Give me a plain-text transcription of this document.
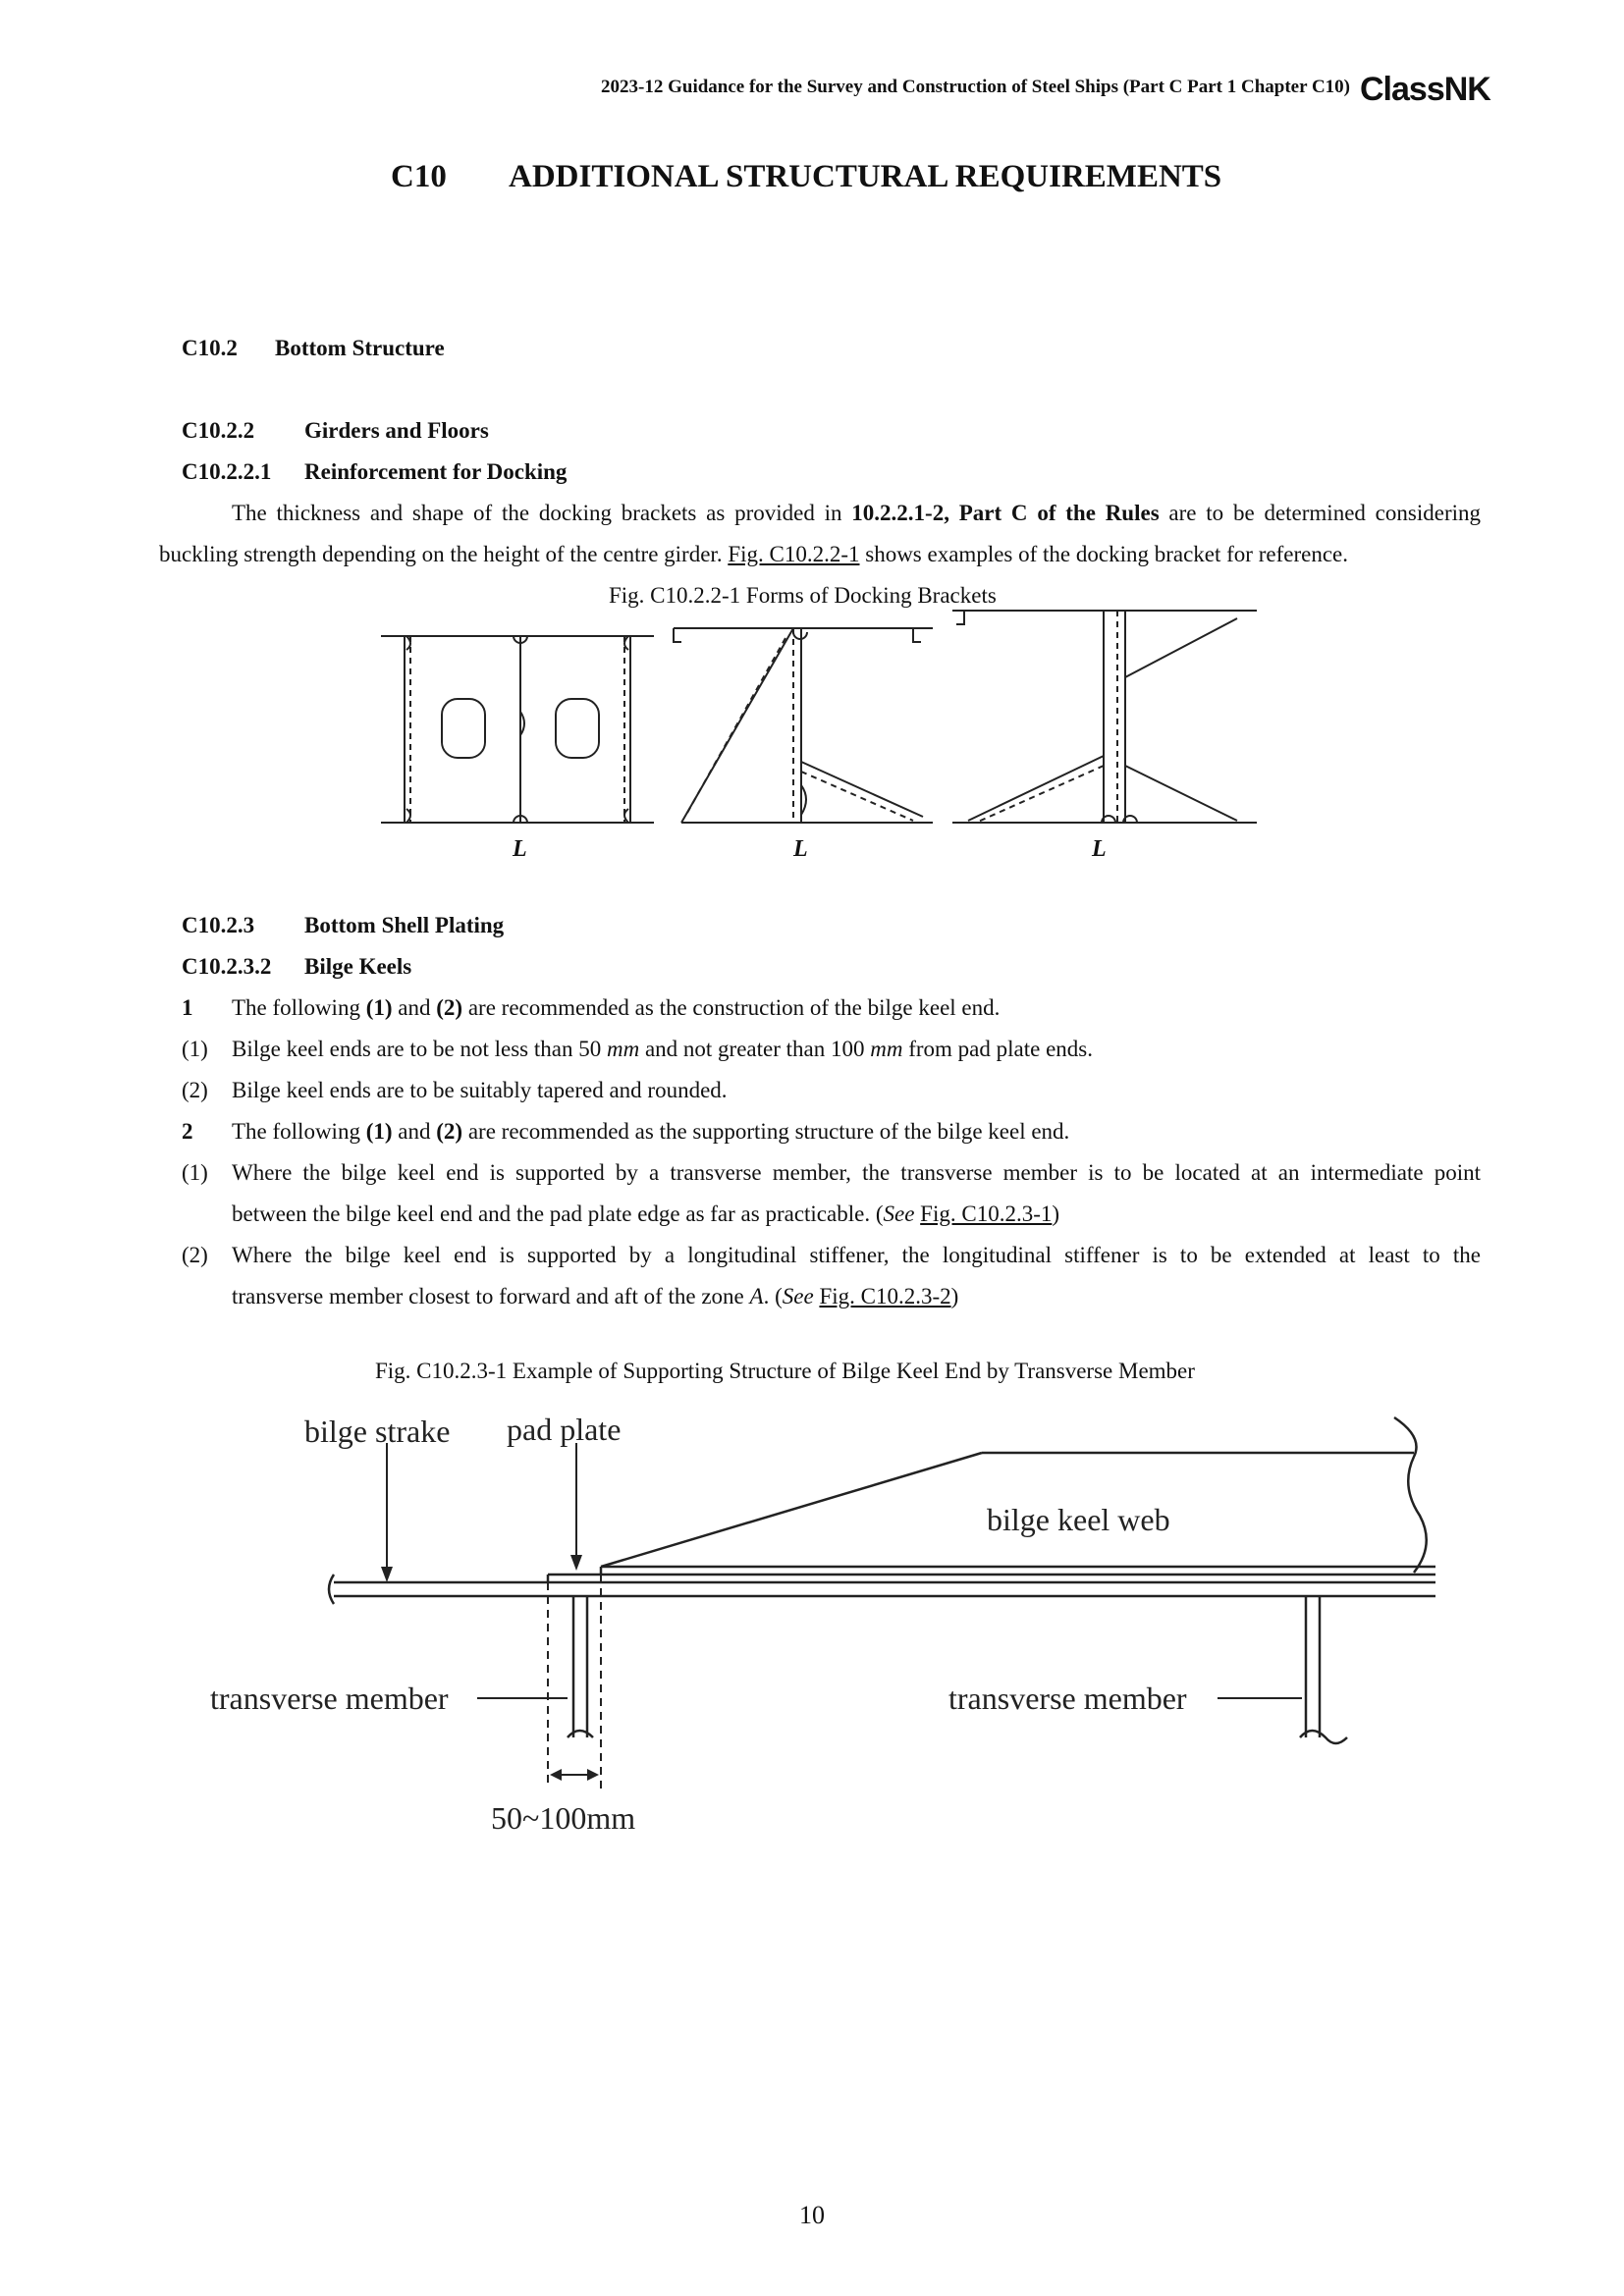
2023-12 Guidance for the Survey and Construction of Steel Ships (Part C Part 1 Chapter C10) ClassNK
C10 ADDITIONAL STRUCTURAL REQUIREMENTS
C10.2 Bottom Structure
C10.2.2 Girders and Floors
C10.2.2.1 Reinforcement for Docking
The thickness and shape of the docking brackets as provided in 10.2.2.1-2, Part C of the Rules are to be determined considering
buckling strength depending on the height of the centre girder. Fig. C10.2.2-1 shows examples of the docking bracket for reference.
Fig. C10.2.2-1 Forms of Docking Brackets
L	L	L
C10.2.3 Bottom Shell Plating
C10.2.3.2 Bilge Keels
1 The following (1) and (2) are recommended as the construction of the bilge keel end.
(1) Bilge keel ends are to be not less than 50 mm and not greater than 100 mm from pad plate ends.
(2) Bilge keel ends are to be suitably tapered and rounded.
2 The following (1) and (2) are recommended as the supporting structure of the bilge keel end.
(1) Where the bilge keel end is supported by a transverse member, the transverse member is to be located at an intermediate point
between the bilge keel end and the pad plate edge as far as practicable. (See Fig. C10.2.3-1)
(2) Where the bilge keel end is supported by a longitudinal stiffener, the longitudinal stiffener is to be extended at least to the
transverse member closest to forward and aft of the zone A. (See Fig. C10.2.3-2)
Fig. C10.2.3-1 Example of Supporting Structure of Bilge Keel End by Transverse Member
bilge strake pad plate
bilge keel web
transverse member	transverse member
50~100mm
10
